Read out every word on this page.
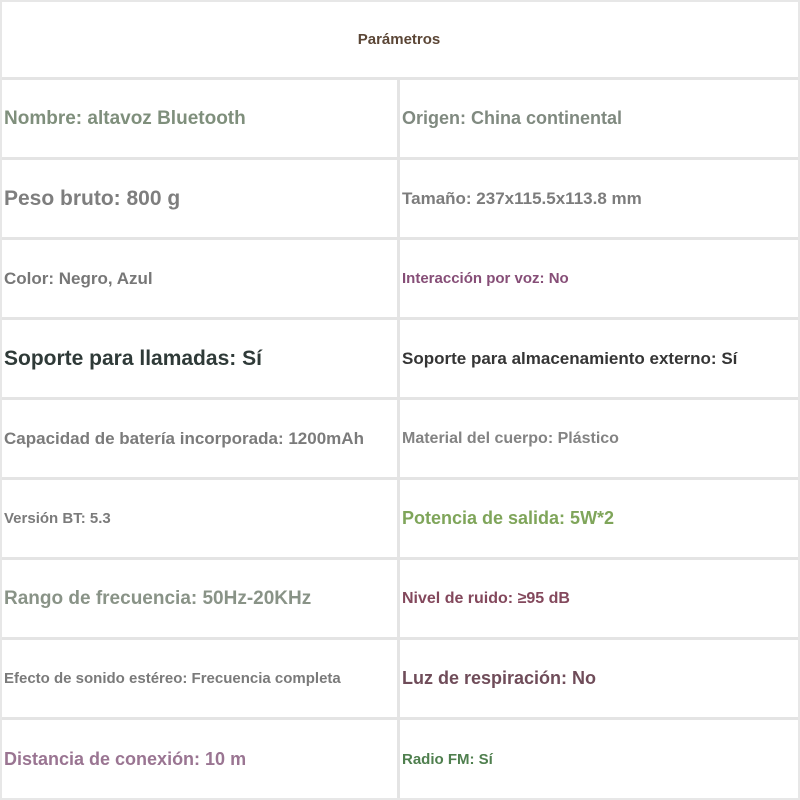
Parámetros
Nombre: altavoz Bluetooth	Origen: China continental
Peso bruto: 800 g	Tamaño: 237x115.5x113.8 mm
Color: Negro, Azul	Interacción por voz: No
Soporte para llamadas: Sí	Soporte para almacenamiento externo: Sí
Capacidad de batería incorporada: 1200mAh	Material del cuerpo: Plástico
Versión BT: 5.3	Potencia de salida: 5W*2
Rango de frecuencia: 50Hz-20KHz	Nivel de ruido: ≥95 dB
Efecto de sonido estéreo: Frecuencia completa	Luz de respiración: No
Distancia de conexión: 10 m	Radio FM: Sí
